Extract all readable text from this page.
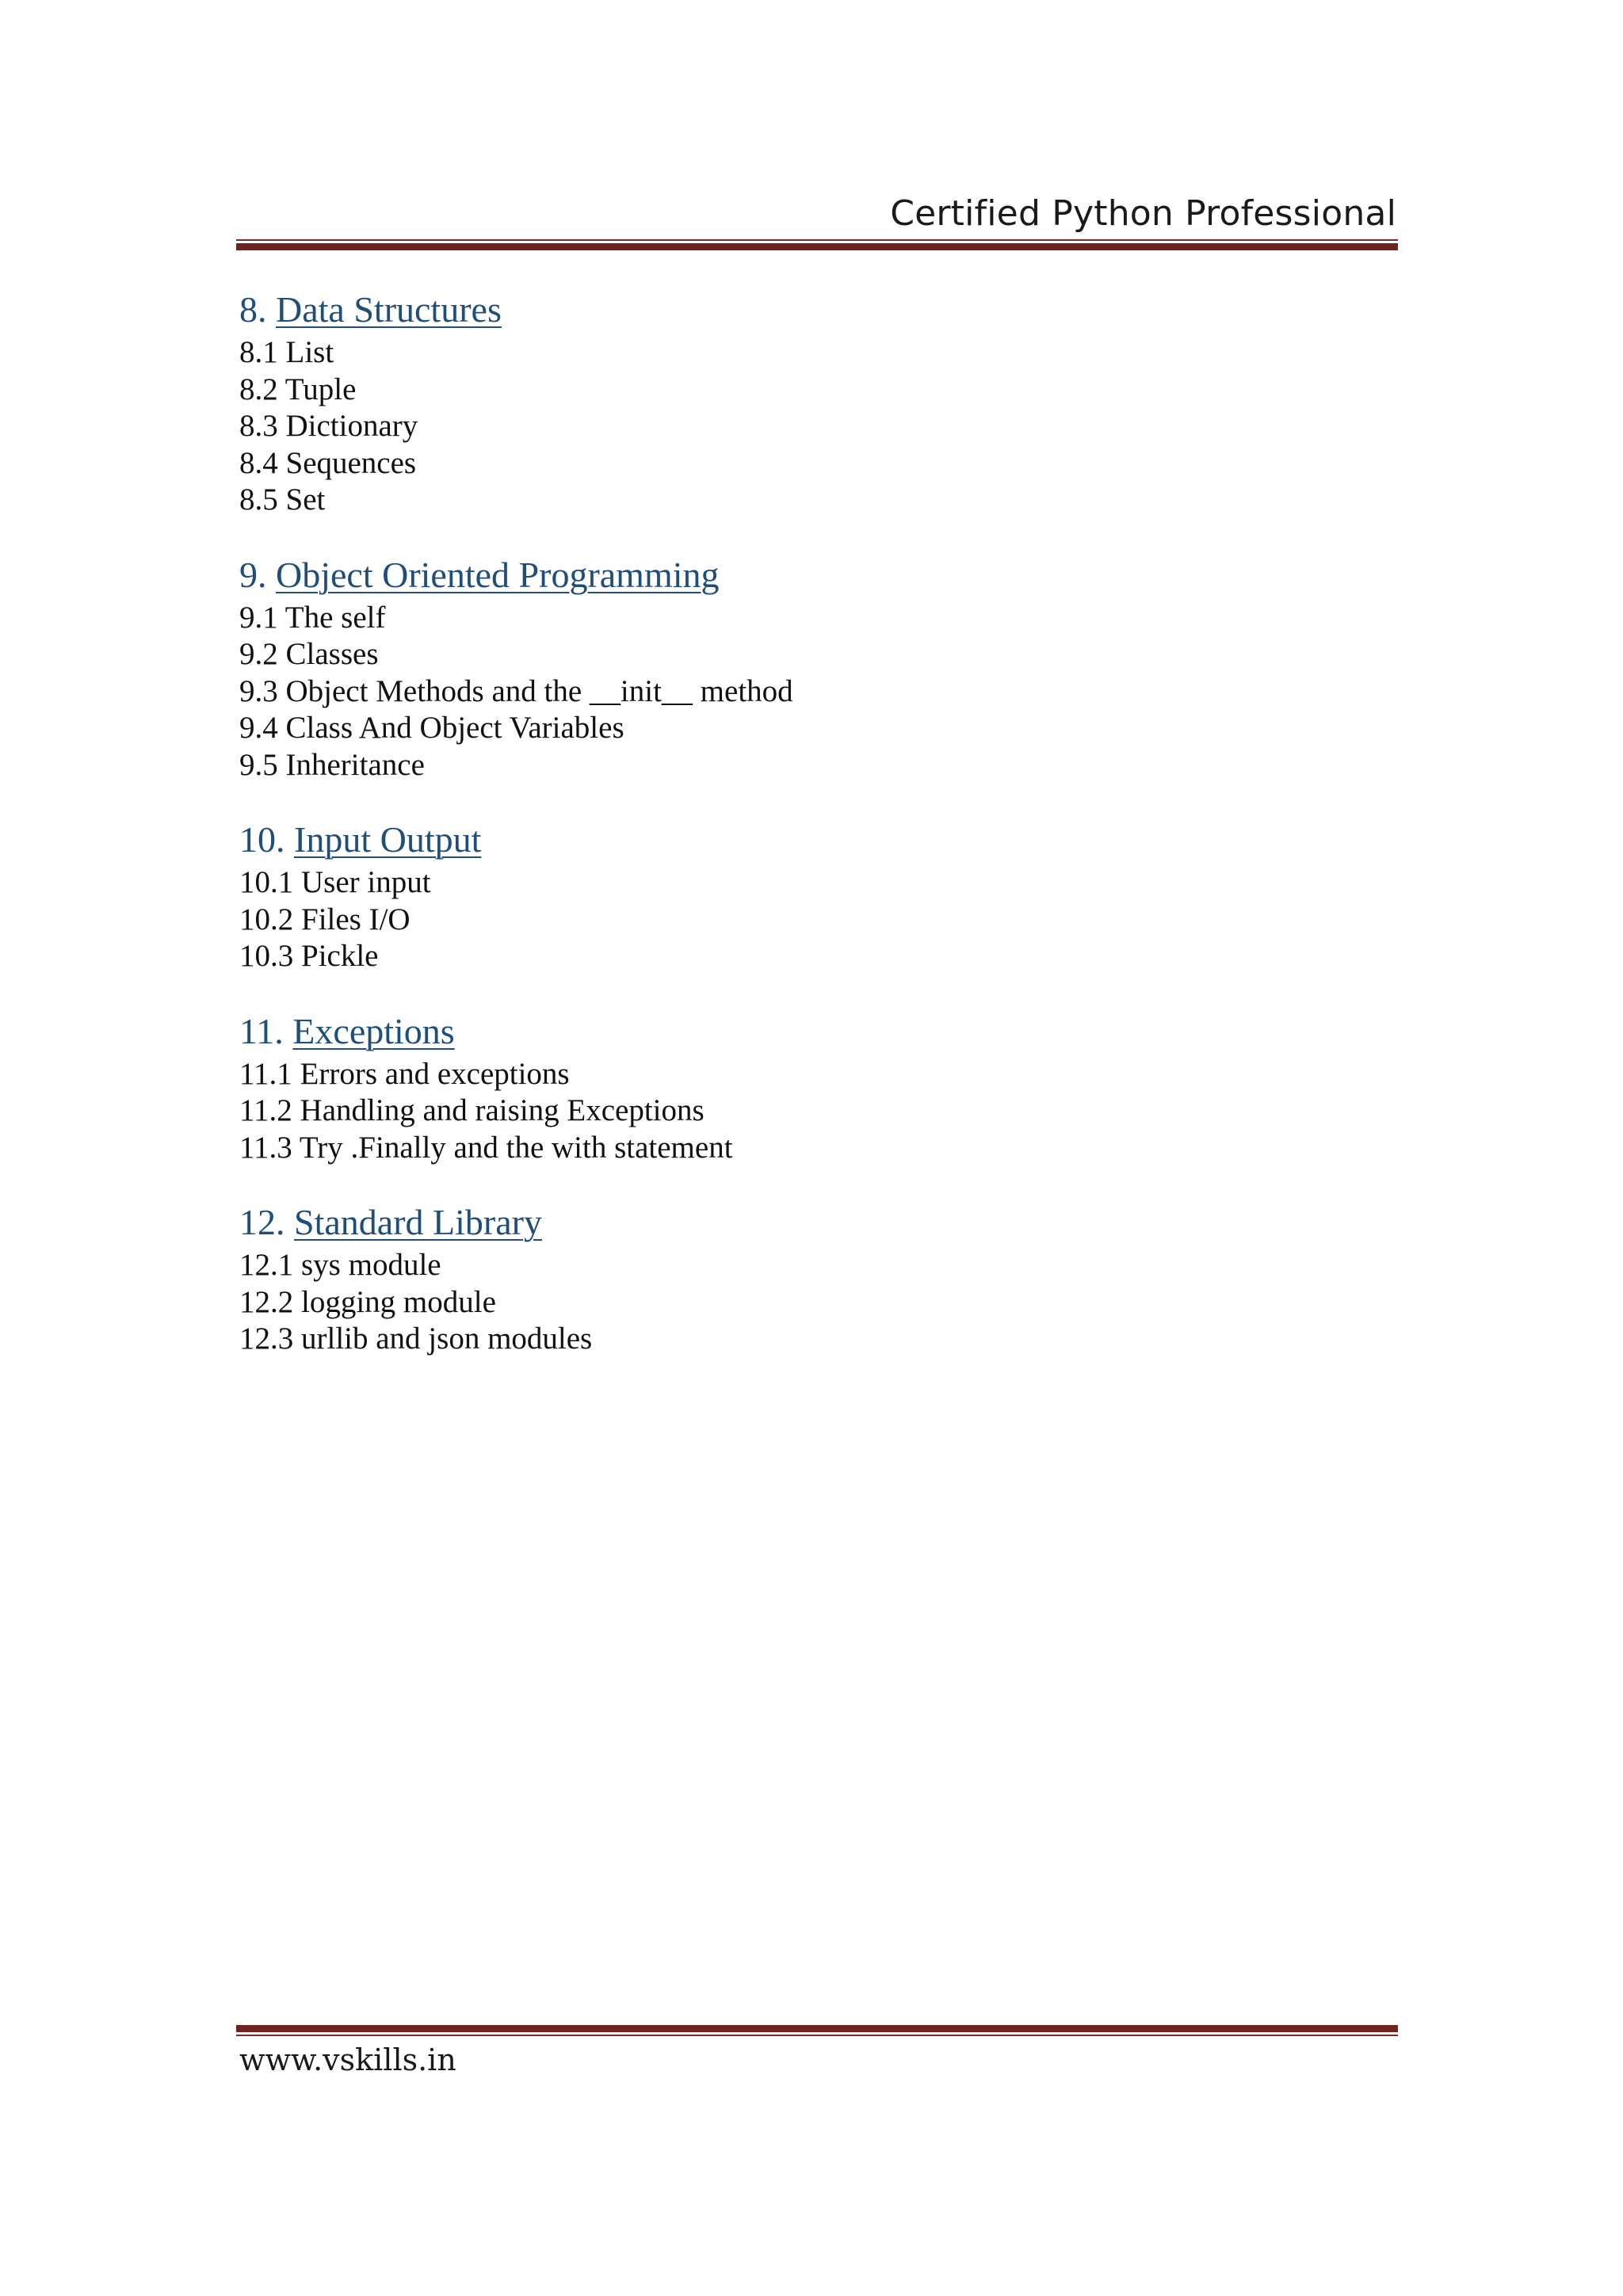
Certified Python Professional
8. Data Structures
8.1 List
8.2 Tuple
8.3 Dictionary
8.4 Sequences
8.5 Set
9. Object Oriented Programming
9.1 The self
9.2 Classes
9.3 Object Methods and the __init__ method
9.4 Class And Object Variables
9.5 Inheritance
10. Input Output
10.1 User input
10.2 Files I/O
10.3 Pickle
11. Exceptions
11.1 Errors and exceptions
11.2 Handling and raising Exceptions
11.3 Try .Finally and the with statement
12. Standard Library
12.1 sys module
12.2 logging module
12.3 urllib and json modules
www.vskills.in
